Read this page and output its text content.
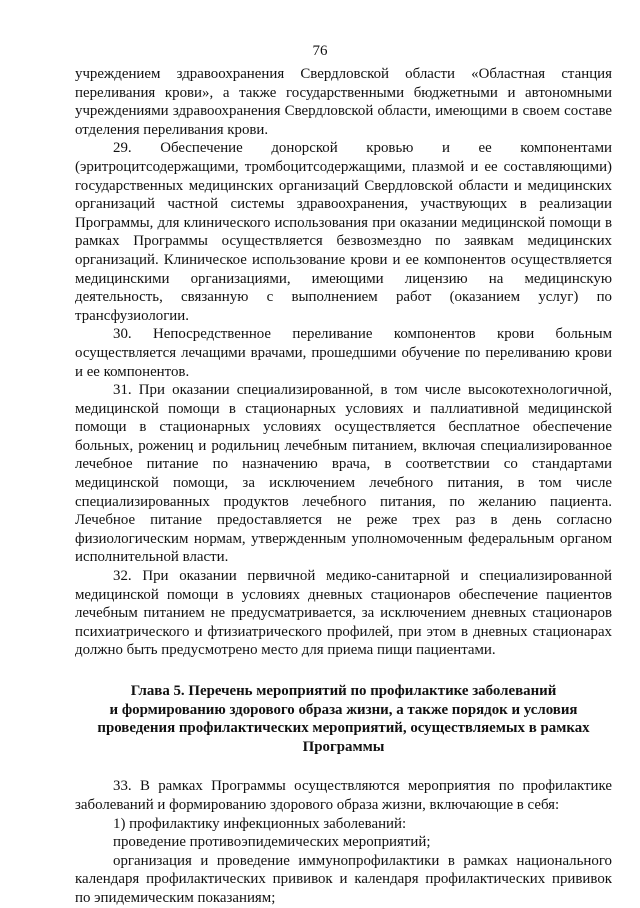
76

учреждением здравоохранения Свердловской области «Областная станция переливания крови», а также государственными бюджетными и автономными учреждениями здравоохранения Свердловской области, имеющими в своем составе отделения переливания крови.

29. Обеспечение донорской кровью и ее компонентами (эритроцитсодержащими, тромбоцитсодержащими, плазмой и ее составляющими) государственных медицинских организаций Свердловской области и медицинских организаций частной системы здравоохранения, участвующих в реализации Программы, для клинического использования при оказании медицинской помощи в рамках Программы осуществляется безвозмездно по заявкам медицинских организаций. Клиническое использование крови и ее компонентов осуществляется медицинскими организациями, имеющими лицензию на медицинскую деятельность, связанную с выполнением работ (оказанием услуг) по трансфузиологии.

30. Непосредственное переливание компонентов крови больным осуществляется лечащими врачами, прошедшими обучение по переливанию крови и ее компонентов.

31. При оказании специализированной, в том числе высокотехнологичной, медицинской помощи в стационарных условиях и паллиативной медицинской помощи в стационарных условиях осуществляется бесплатное обеспечение больных, рожениц и родильниц лечебным питанием, включая специализированное лечебное питание по назначению врача, в соответствии со стандартами медицинской помощи, за исключением лечебного питания, в том числе специализированных продуктов лечебного питания, по желанию пациента. Лечебное питание предоставляется не реже трех раз в день согласно физиологическим нормам, утвержденным уполномоченным федеральным органом исполнительной власти.

32. При оказании первичной медико-санитарной и специализированной медицинской помощи в условиях дневных стационаров обеспечение пациентов лечебным питанием не предусматривается, за исключением дневных стационаров психиатрического и фтизиатрического профилей, при этом в дневных стационарах должно быть предусмотрено место для приема пищи пациентами.

Глава 5. Перечень мероприятий по профилактике заболеваний
и формированию здорового образа жизни, а также порядок и условия
проведения профилактических мероприятий, осуществляемых в рамках
Программы

33. В рамках Программы осуществляются мероприятия по профилактике заболеваний и формированию здорового образа жизни, включающие в себя:

1) профилактику инфекционных заболеваний:

проведение противоэпидемических мероприятий;

организация и проведение иммунопрофилактики в рамках национального календаря профилактических прививок и календаря профилактических прививок по эпидемическим показаниям;
